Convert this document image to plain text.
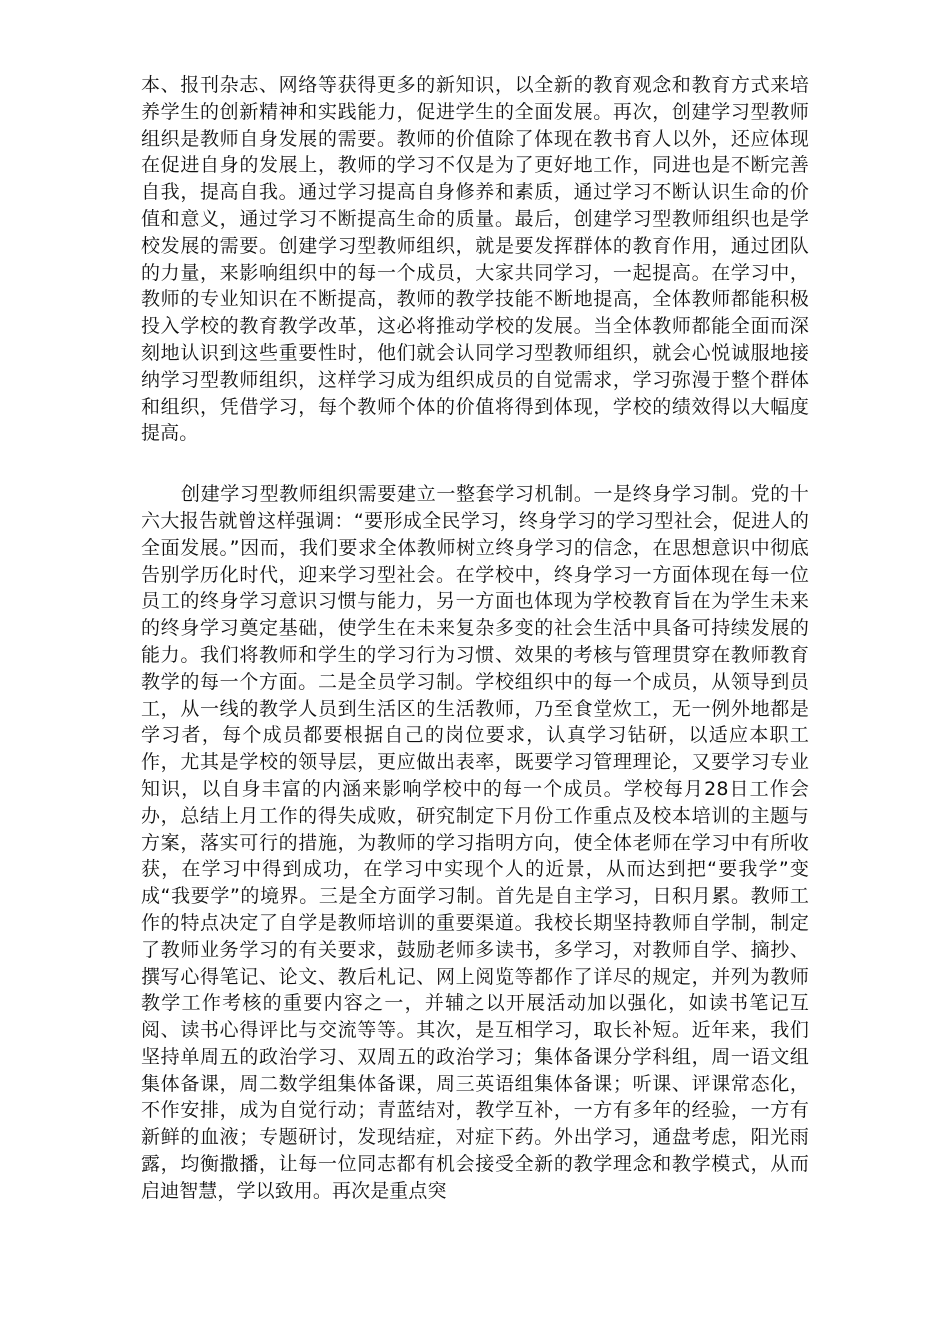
本、报刊杂志、网络等获得更多的新知识，以全新的教育观念和教育方式来培养学生的创新精神和实践能力，促进学生的全面发展。再次，创建学习型教师组织是教师自身发展的需要。教师的价值除了体现在教书育人以外，还应体现在促进自身的发展上，教师的学习不仅是为了更好地工作，同进也是不断完善自我，提高自我。通过学习提高自身修养和素质，通过学习不断认识生命的价值和意义，通过学习不断提高生命的质量。最后，创建学习型教师组织也是学校发展的需要。创建学习型教师组织，就是要发挥群体的教育作用，通过团队的力量，来影响组织中的每一个成员，大家共同学习，一起提高。在学习中，教师的专业知识在不断提高，教师的教学技能不断地提高，全体教师都能积极投入学校的教育教学改革，这必将推动学校的发展。当全体教师都能全面而深刻地认识到这些重要性时，他们就会认同学习型教师组织，就会心悦诚服地接纳学习型教师组织，这样学习成为组织成员的自觉需求，学习弥漫于整个群体和组织，凭借学习，每个教师个体的价值将得到体现，学校的绩效得以大幅度提高。

创建学习型教师组织需要建立一整套学习机制。一是终身学习制。党的十六大报告就曾这样强调：“要形成全民学习，终身学习的学习型社会，促进人的全面发展。”因而，我们要求全体教师树立终身学习的信念，在思想意识中彻底告别学历化时代，迎来学习型社会。在学校中，终身学习一方面体现在每一位员工的终身学习意识习惯与能力，另一方面也体现为学校教育旨在为学生未来的终身学习奠定基础，使学生在未来复杂多变的社会生活中具备可持续发展的能力。我们将教师和学生的学习行为习惯、效果的考核与管理贯穿在教师教育教学的每一个方面。二是全员学习制。学校组织中的每一个成员，从领导到员工，从一线的教学人员到生活区的生活教师，乃至食堂炊工，无一例外地都是学习者，每个成员都要根据自己的岗位要求，认真学习钻研，以适应本职工作，尤其是学校的领导层，更应做出表率，既要学习管理理论，又要学习专业知识，以自身丰富的内涵来影响学校中的每一个成员。学校每月28日工作会办，总结上月工作的得失成败，研究制定下月份工作重点及校本培训的主题与方案，落实可行的措施，为教师的学习指明方向，使全体老师在学习中有所收获，在学习中得到成功，在学习中实现个人的近景，从而达到把“要我学”变成“我要学”的境界。三是全方面学习制。首先是自主学习，日积月累。教师工作的特点决定了自学是教师培训的重要渠道。我校长期坚持教师自学制，制定了教师业务学习的有关要求，鼓励老师多读书，多学习，对教师自学、摘抄、撰写心得笔记、论文、教后札记、网上阅览等都作了详尽的规定，并列为教师教学工作考核的重要内容之一，并辅之以开展活动加以强化，如读书笔记互阅、读书心得评比与交流等等。其次，是互相学习，取长补短。近年来，我们坚持单周五的政治学习、双周五的政治学习；集体备课分学科组，周一语文组集体备课，周二数学组集体备课，周三英语组集体备课；听课、评课常态化，不作安排，成为自觉行动；青蓝结对，教学互补，一方有多年的经验，一方有新鲜的血液；专题研讨，发现结症，对症下药。外出学习，通盘考虑，阳光雨露，均衡撒播，让每一位同志都有机会接受全新的教学理念和教学模式，从而启迪智慧，学以致用。再次是重点突
